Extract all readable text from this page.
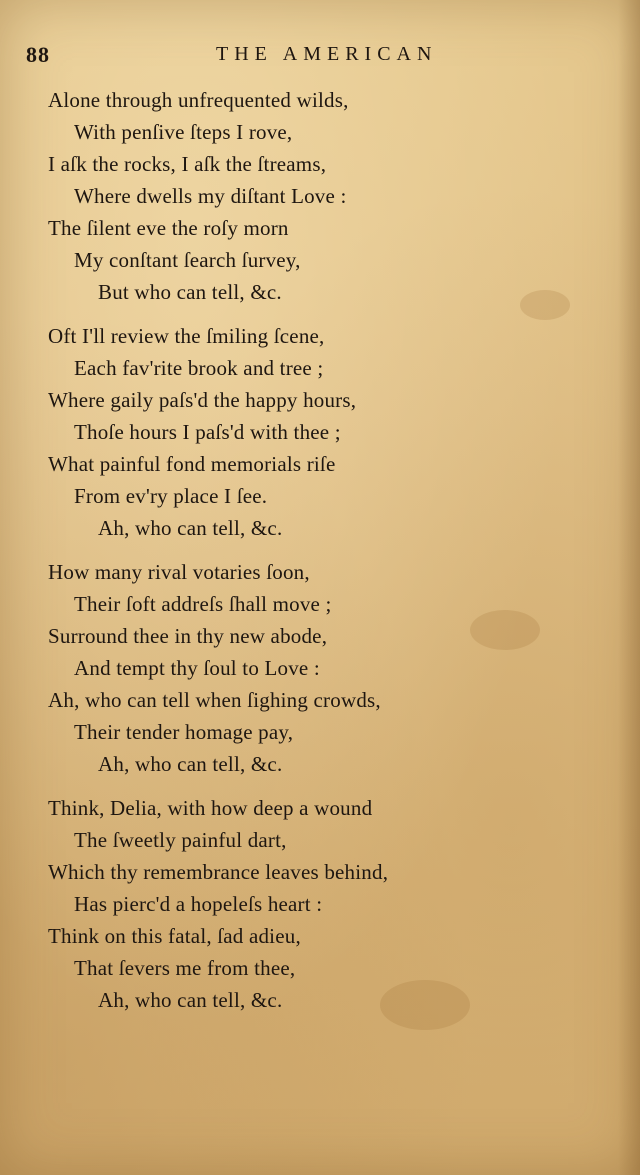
88	THE AMERICAN
Alone through unfrequented wilds,
With penſive ſteps I rove,
I aſk the rocks, I aſk the ſtreams,
Where dwells my diſtant Love :
The ſilent eve the roſy morn
My conſtant ſearch ſurvey,
But who can tell, &c.
Oft I'll review the ſmiling ſcene,
Each fav'rite brook and tree ;
Where gaily paſs'd the happy hours,
Thoſe hours I paſs'd with thee ;
What painful fond memorials riſe
From ev'ry place I ſee.
Ah, who can tell, &c.
How many rival votaries ſoon,
Their ſoft addreſs ſhall move ;
Surround thee in thy new abode,
And tempt thy ſoul to Love :
Ah, who can tell when ſighing crowds,
Their tender homage pay,
Ah, who can tell, &c.
Think, Delia, with how deep a wound
The ſweetly painful dart,
Which thy remembrance leaves behind,
Has pierc'd a hopeleſs heart :
Think on this fatal, ſad adieu,
That ſevers me from thee,
Ah, who can tell, &c.
